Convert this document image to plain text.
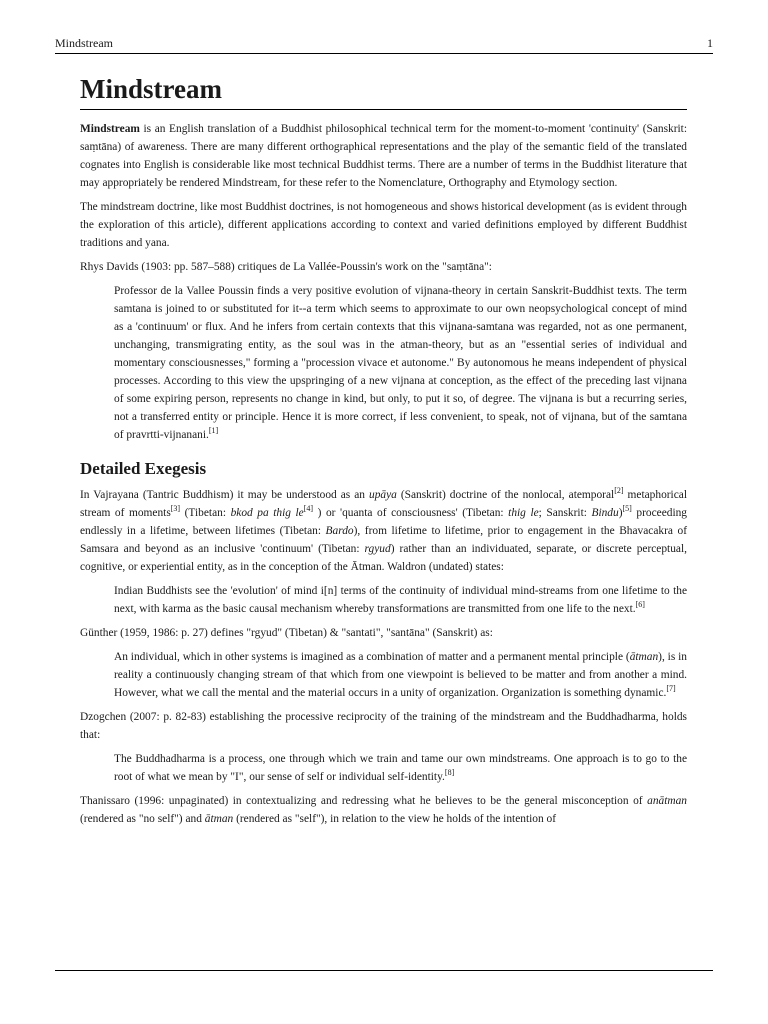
Mindstream	1
Mindstream

Mindstream is an English translation of a Buddhist philosophical technical term for the moment-to-moment 'continuity' (Sanskrit: saṃtāna) of awareness. There are many different orthographical representations and the play of the semantic field of the translated cognates into English is considerable like most technical Buddhist terms. There are a number of terms in the Buddhist literature that may appropriately be rendered Mindstream, for these refer to the Nomenclature, Orthography and Etymology section.

The mindstream doctrine, like most Buddhist doctrines, is not homogeneous and shows historical development (as is evident through the exploration of this article), different applications according to context and varied definitions employed by different Buddhist traditions and yana.

Rhys Davids (1903: pp. 587–588) critiques de La Vallée-Poussin's work on the "saṃtāna":

Professor de la Vallee Poussin finds a very positive evolution of vijnana-theory in certain Sanskrit-Buddhist texts. The term samtana is joined to or substituted for it--a term which seems to approximate to our own neopsychological concept of mind as a 'continuum' or flux. And he infers from certain contexts that this vijnana-samtana was regarded, not as one permanent, unchanging, transmigrating entity, as the soul was in the atman-theory, but as an "essential series of individual and momentary consciousnesses," forming a "procession vivace et autonome." By autonomous he means independent of physical processes. According to this view the upspringing of a new vijnana at conception, as the effect of the preceding last vijnana of some expiring person, represents no change in kind, but only, to put it so, of degree. The vijnana is but a recurring series, not a transferred entity or principle. Hence it is more correct, if less convenient, to speak, not of vijnana, but of the samtana of pravrtti-vijnanani.[1]
Detailed Exegesis

In Vajrayana (Tantric Buddhism) it may be understood as an upāya (Sanskrit) doctrine of the nonlocal, atemporal[2] metaphorical stream of moments[3] (Tibetan: bkod pa thig le[4] ) or 'quanta of consciousness' (Tibetan: thig le; Sanskrit: Bindu)[5] proceeding endlessly in a lifetime, between lifetimes (Tibetan: Bardo), from lifetime to lifetime, prior to engagement in the Bhavacakra of Samsara and beyond as an inclusive 'continuum' (Tibetan: rgyud) rather than an individuated, separate, or discrete perceptual, cognitive, or experiential entity, as in the conception of the Ātman. Waldron (undated) states:

Indian Buddhists see the 'evolution' of mind i[n] terms of the continuity of individual mind-streams from one lifetime to the next, with karma as the basic causal mechanism whereby transformations are transmitted from one life to the next.[6]

Günther (1959, 1986: p. 27) defines "rgyud" (Tibetan) & "santati", "santāna" (Sanskrit) as:

An individual, which in other systems is imagined as a combination of matter and a permanent mental principle (ātman), is in reality a continuously changing stream of that which from one viewpoint is believed to be matter and from another a mind. However, what we call the mental and the material occurs in a unity of organization. Organization is something dynamic.[7]

Dzogchen (2007: p. 82-83) establishing the processive reciprocity of the training of the mindstream and the Buddhadharma, holds that:

The Buddhadharma is a process, one through which we train and tame our own mindstreams. One approach is to go to the root of what we mean by "I", our sense of self or individual self-identity.[8]

Thanissaro (1996: unpaginated) in contextualizing and redressing what he believes to be the general misconception of anātman (rendered as "no self") and ātman (rendered as "self"), in relation to the view he holds of the intention of
